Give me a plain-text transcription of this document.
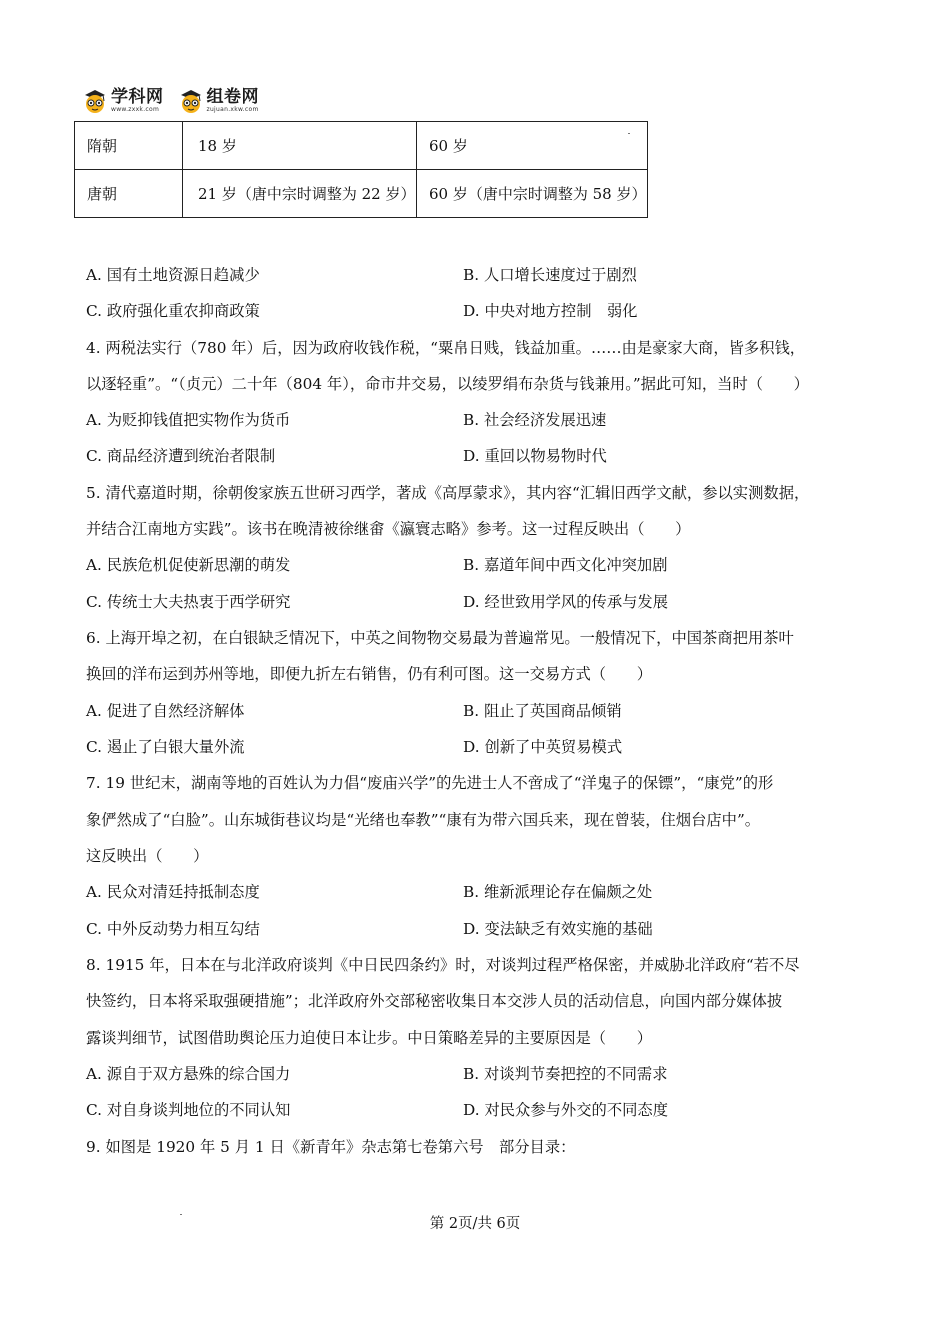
学科网
www.zxxk.com
组卷网
zujuan.xkw.com
隋朝	18 岁	60 岁
唐朝	21 岁（唐中宗时调整为 22 岁）	60 岁（唐中宗时调整为 58 岁）
A. 国有土地资源日趋减少	B. 人口增长速度过于剧烈
C. 政府强化重农抑商政策	D. 中央对地方控制　弱化
4. 两税法实行（780 年）后，因为政府收钱作税，“粟帛日贱，钱益加重。……由是豪家大商，皆多积钱，
以逐轻重”。“（贞元）二十年（804 年），命市井交易，以绫罗绢布杂货与钱兼用。”据此可知，当时（　　）
A. 为贬抑钱值把实物作为货币	B. 社会经济发展迅速
C. 商品经济遭到统治者限制	D. 重回以物易物时代
5. 清代嘉道时期，徐朝俊家族五世研习西学，著成《高厚蒙求》，其内容“汇辑旧西学文献，参以实测数据，
并结合江南地方实践”。该书在晚清被徐继畬《瀛寰志略》参考。这一过程反映出（　　）
A. 民族危机促使新思潮的萌发	B. 嘉道年间中西文化冲突加剧
C. 传统士大夫热衷于西学研究	D. 经世致用学风的传承与发展
6. 上海开埠之初，在白银缺乏情况下，中英之间物物交易最为普遍常见。一般情况下，中国茶商把用茶叶
换回的洋布运到苏州等地，即便九折左右销售，仍有利可图。这一交易方式（　　）
A. 促进了自然经济解体	B. 阻止了英国商品倾销
C. 遏止了白银大量外流	D. 创新了中英贸易模式
7. 19 世纪末，湖南等地的百姓认为力倡“废庙兴学”的先进士人不啻成了“洋鬼子的保镖”，“康党”的形
象俨然成了“白脸”。山东城街巷议均是“光绪也奉教”“康有为带六国兵来，现在曾装，住烟台店中”。
这反映出（　　）
A. 民众对清廷持抵制态度	B. 维新派理论存在偏颇之处
C. 中外反动势力相互勾结	D. 变法缺乏有效实施的基础
8. 1915 年，日本在与北洋政府谈判《中日民四条约》时，对谈判过程严格保密，并威胁北洋政府“若不尽
快签约，日本将采取强硬措施”；北洋政府外交部秘密收集日本交涉人员的活动信息，向国内部分媒体披
露谈判细节，试图借助舆论压力迫使日本让步。中日策略差异的主要原因是（　　）
A. 源自于双方悬殊的综合国力	B. 对谈判节奏把控的不同需求
C. 对自身谈判地位的不同认知	D. 对民众参与外交的不同态度
9. 如图是 1920 年 5 月 1 日《新青年》杂志第七卷第六号　部分目录：
第 2页/共 6页
